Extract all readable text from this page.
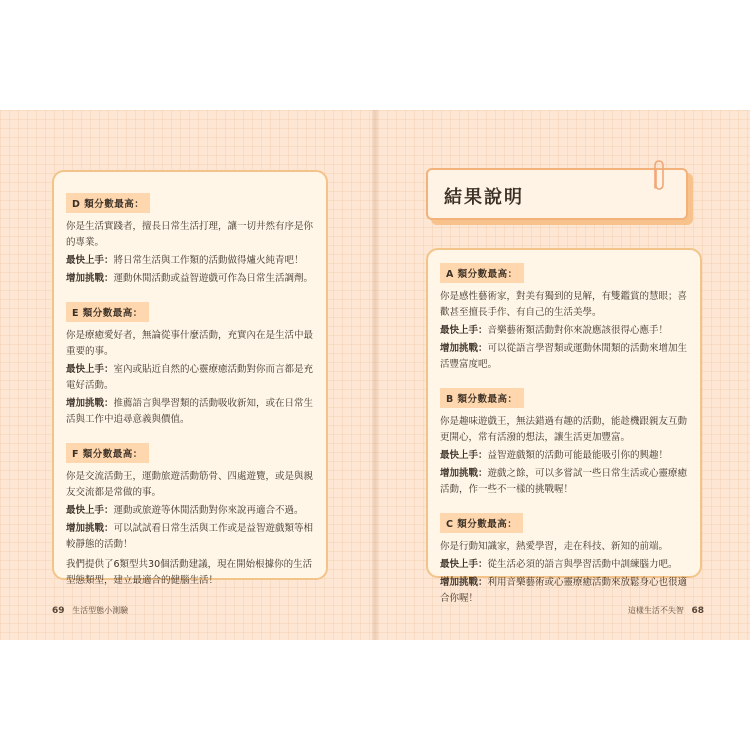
D 類分數最高：

你是生活實踐者，擅長日常生活打理，讓一切井然有序是你的專業。

最快上手：將日常生活與工作類的活動做得爐火純青吧！

增加挑戰：運動休閒活動或益智遊戲可作為日常生活調劑。

E 類分數最高：

你是療癒愛好者，無論從事什麼活動，充實內在是生活中最重要的事。

最快上手：室內或貼近自然的心靈療癒活動對你而言都是充電好活動。

增加挑戰：推薦語言與學習類的活動吸收新知，或在日常生活與工作中追尋意義與價值。

F 類分數最高：

你是交流活動王，運動旅遊活動筋骨、四處遊覽，或是與親友交流都是常做的事。

最快上手：運動或旅遊等休閒活動對你來說再適合不過。

增加挑戰：可以試試看日常生活與工作或是益智遊戲類等相較靜態的活動！

我們提供了6類型共30個活動建議，現在開始根據你的生活型態類型，建立最適合的健腦生活！

結果說明
A 類分數最高：

你是感性藝術家，對美有獨到的見解，有雙鑑賞的慧眼；喜歡甚至擅長手作、有自己的生活美學。

最快上手：音樂藝術類活動對你來說應該很得心應手！

增加挑戰：可以從語言學習類或運動休閒類的活動來增加生活豐富度吧。

B 類分數最高：

你是趣味遊戲王，無法錯過有趣的活動，能趁機跟親友互動更開心，常有活潑的想法，讓生活更加豐富。

最快上手：益智遊戲類的活動可能最能吸引你的興趣！

增加挑戰：遊戲之餘，可以多嘗試一些日常生活或心靈療癒活動，作一些不一樣的挑戰喔！

C 類分數最高：

你是行動知識家，熱愛學習，走在科技、新知的前端。

最快上手：從生活必須的語言與學習活動中訓練腦力吧。

增加挑戰：利用音樂藝術或心靈療癒活動來放鬆身心也很適合你喔！

69 生活型態小測驗	這樣生活不失智 68
